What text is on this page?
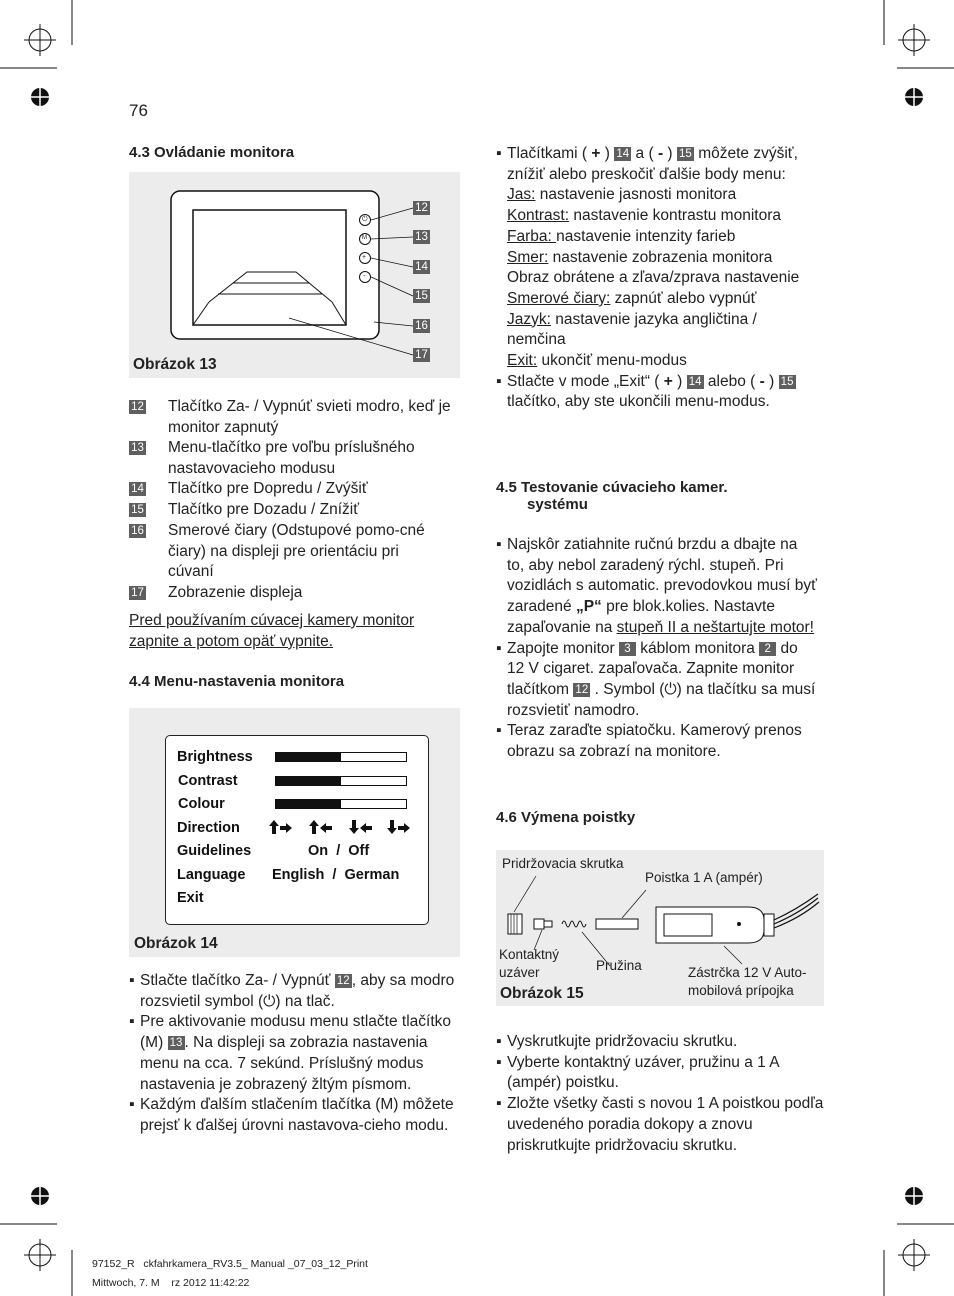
76
4.3 Ovládanie monitora
⏻
M
+
-
12
13
14
15
16
17
Obrázok 13
12 Tlačítko Za- / Vypnúť svieti modro, keď je monitor zapnutý
13 Menu-tlačítko pre voľbu príslušného nastavovacieho modusu
14 Tlačítko pre Dopredu / Zvýšiť
15 Tlačítko pre Dozadu / Znížiť
16 Smerové čiary (Odstupové pomo-cné čiary) na displeji pre orientáciu pri cúvaní
17 Zobrazenie displeja
Pred používaním cúvacej kamery monitor zapnite a potom opäť vypnite.
4.4 Menu-nastavenia monitora
Brightness
Contrast
Colour
Direction
Guidelines	On  /  Off
Language English  /  German
Exit
Obrázok 14
▪ Stlačte tlačítko Za- / Vypnúť 12 , aby sa modro rozsvietil symbol (⏻) na tlač.
▪ Pre aktivovanie modusu menu stlačte tlačítko (M) 13 . Na displeji sa zobrazia nastavenia menu na cca. 7 sekúnd. Príslušný modus nastavenia je zobrazený žltým písmom.
▪ Každým ďalším stlačením tlačítka (M) môžete prejsť k ďalšej úrovni nastavova-cieho modu.
▪ Tlačítkami ( + ) 14 a ( - ) 15 môžete zvýšiť, znížiť alebo preskočiť ďalšie body menu:
Jas: nastavenie jasnosti monitora
Kontrast: nastavenie kontrastu monitora
Farba: nastavenie intenzity farieb
Smer: nastavenie zobrazenia monitora Obraz obrátene a zľava/zprava nastavenie
Smerové čiary: zapnúť alebo vypnúť
Jazyk: nastavenie jazyka angličtina / nemčina
Exit: ukončiť menu-modus
▪ Stlačte v mode „Exit“ ( + ) 14 alebo ( - ) 15 tlačítko, aby ste ukončili menu-modus.
4.5 Testovanie cúvacieho kamer.
systému
▪ Najskôr zatiahnite ručnú brzdu a dbajte na to, aby nebol zaradený rýchl. stupeň. Pri vozidlách s automatic. prevodovkou musí byť zaradené „P“ pre blok.kolies. Nastavte zapaľovanie na stupeň II a neštartujte motor!
▪ Zapojte monitor 3 káblom monitora 2 do 12 V cigaret. zapaľovača. Zapnite monitor tlačítkom 12 . Symbol (⏻) na tlačítku sa musí rozsvietiť namodro.
▪ Teraz zaraďte spiatočku. Kamerový prenos obrazu sa zobrazí na monitore.
4.6 Výmena poistky
Pridržovacia skrutka
Poistka 1 A (ampér)
Kontaktný
uzáver	Pružina	Zástrčka 12 V Auto-
mobilová prípojka
Obrázok 15
▪ Vyskrutkujte pridržovaciu skrutku.
▪ Vyberte kontaktný uzáver, pružinu a 1 A (ampér) poistku.
▪ Zložte všetky časti s novou 1 A poistkou podľa uvedeného poradia dokopy a znovu priskrutkujte pridržovaciu skrutku.
97152_R   ckfahrkamera_RV3.5_ Manual _07_03_12_Print
Mittwoch, 7. M    rz 2012 11:42:22
